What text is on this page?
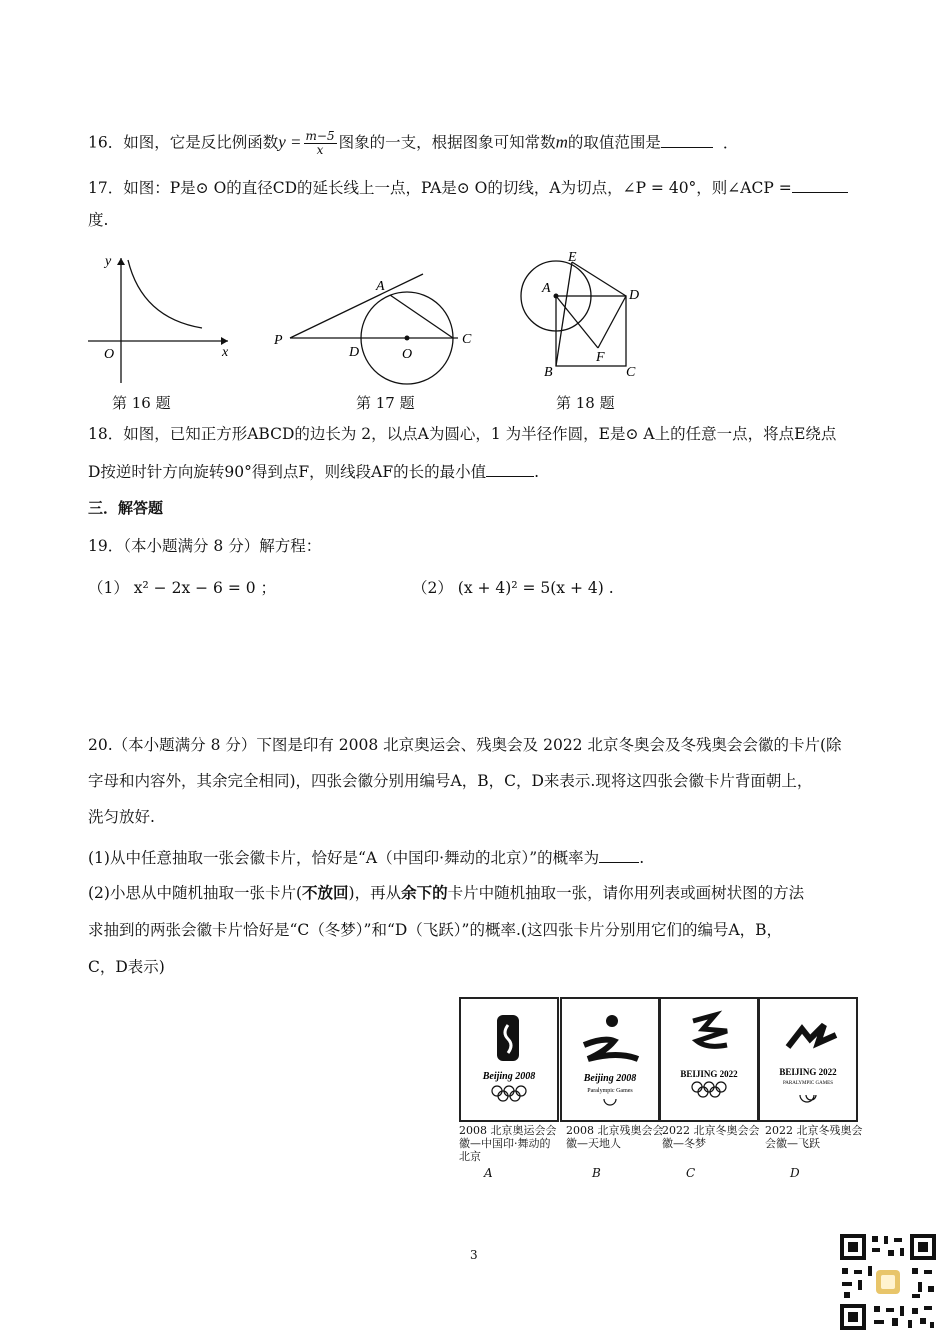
16．如图，它是反比例函数$y = \frac{m-5}{x}$ 图象的一支，根据图象可知常数m的取值范围是	．
17．如图：P是⊙ O的直径CD的延长线上一点，PA是⊙ O的切线，A为切点，∠P = 40°，则∠ACP =
度.
y
x
O
A
P
D	O
C
E
A	D
F
B	C
第 16 题	第 17 题	第 18 题
18．如图，已知正方形ABCD的边长为 2，以点A为圆心，1 为半径作圆，E是⊙ A上的任意一点，将点E绕点
D按逆时针方向旋转90°得到点F，则线段AF的长的最小值	.
三．解答题
19．（本小题满分 8 分）解方程：
（1） x² − 2x − 6 = 0 ；	（2） (x + 4)² = 5(x + 4) .
20.（本小题满分 8 分）下图是印有 2008 北京奥运会、残奥会及 2022 北京冬奥会及冬残奥会会徽的卡片(除
字母和内容外，其余完全相同)，四张会徽分别用编号A，B，C，D来表示.现将这四张会徽卡片背面朝上，
洗匀放好.
(1)从中任意抽取一张会徽卡片，恰好是“A（中国印·舞动的北京）”的概率为	.
(2)小思从中随机抽取一张卡片(不放回)，再从余下的卡片中随机抽取一张，请你用列表或画树状图的方法
求抽到的两张会徽卡片恰好是“C（冬梦）”和“D（飞跃）”的概率.(这四张卡片分别用它们的编号A，B，
C，D表示)
Beijing 2008	Beijing 2008
Paralympic Games
BEIJING 2022	BEIJING 2022
PARALYMPIC GAMES
2008 北京奥运会会徽—中国印·舞动的北京
2008 北京残奥会会徽—天地人
2022 北京冬奥会会徽—冬梦
2022 北京冬残奥会会徽—飞跃
A	B	C	D
3
